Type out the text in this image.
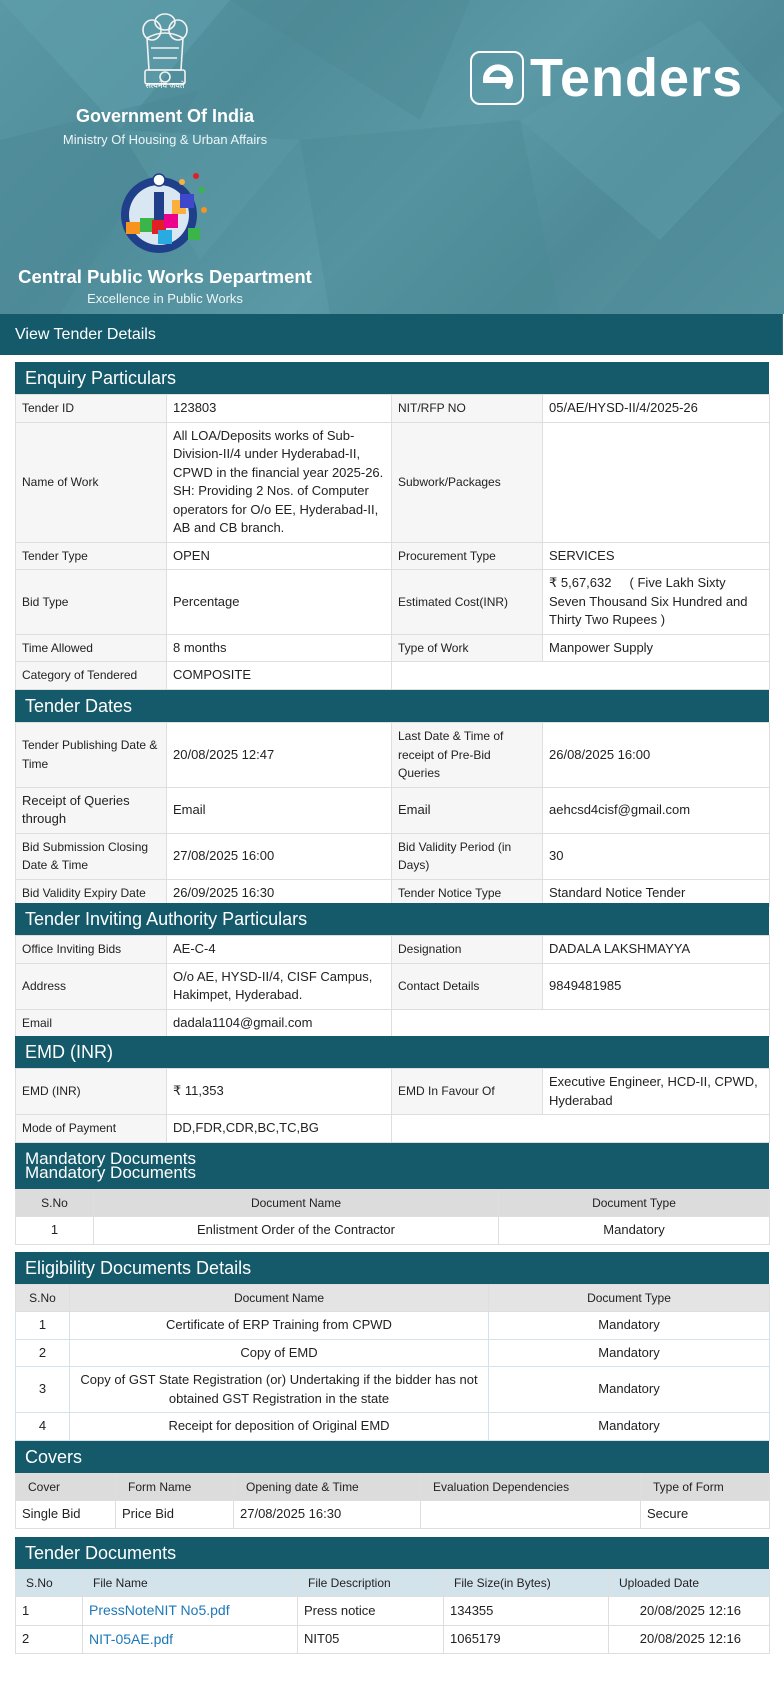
सत्यमेव जयते
Government Of India
Ministry Of Housing & Urban Affairs
Central Public Works Department
Excellence in Public Works
Tenders
View Tender Details
Enquiry Particulars
Tender ID	123803	NIT/RFP NO	05/AE/HYSD-II/4/2025-26
Name of Work	All LOA/Deposits works of Sub-Division-II/4 under Hyderabad-II, CPWD in the financial year 2025-26. SH: Providing 2 Nos. of Computer operators for O/o EE, Hyderabad-II, AB and CB branch.	Subwork/Packages	
Tender Type	OPEN	Procurement Type	SERVICES
Bid Type	Percentage	Estimated Cost(INR)	₹ 5,67,632     ( Five Lakh Sixty Seven Thousand Six Hundred and Thirty Two Rupees )
Time Allowed	8 months	Type of Work	Manpower Supply
Category of Tendered	COMPOSITE		
Tender Dates
Tender Publishing Date & Time	20/08/2025 12:47	Last Date & Time of receipt of Pre-Bid Queries	26/08/2025 16:00
Receipt of Queries through	Email	Email	aehcsd4cisf@gmail.com
Bid Submission Closing Date & Time	27/08/2025 16:00	Bid Validity Period (in Days)	30
Bid Validity Expiry Date	26/09/2025 16:30	Tender Notice Type	Standard Notice Tender
Tender Inviting Authority Particulars
Office Inviting Bids	AE-C-4	Designation	DADALA LAKSHMAYYA
Address	O/o AE, HYSD-II/4, CISF Campus, Hakimpet, Hyderabad.	Contact Details	9849481985
Email	dadala1104@gmail.com		
EMD (INR)
EMD (INR)	₹ 11,353	EMD In Favour Of	Executive Engineer, HCD-II, CPWD, Hyderabad
Mode of Payment	DD,FDR,CDR,BC,TC,BG		
Mandatory Documents
Mandatory Documents
S.No	Document Name	Document Type
1	Enlistment Order of the Contractor	Mandatory
Eligibility Documents Details
S.No	Document Name	Document Type
1	Certificate of ERP Training from CPWD	Mandatory
2	Copy of EMD	Mandatory
3	Copy of GST State Registration (or) Undertaking if the bidder has not obtained GST Registration in the state	Mandatory
4	Receipt for deposition of Original EMD	Mandatory
Covers
Cover	Form Name	Opening date & Time	Evaluation Dependencies	Type of Form
Single Bid	Price Bid	27/08/2025 16:30		Secure
Tender Documents
S.No	File Name	File Description	File Size(in Bytes)	Uploaded Date
1	PressNoteNIT No5.pdf	Press notice	134355	20/08/2025 12:16
2	NIT-05AE.pdf	NIT05	1065179	20/08/2025 12:16
